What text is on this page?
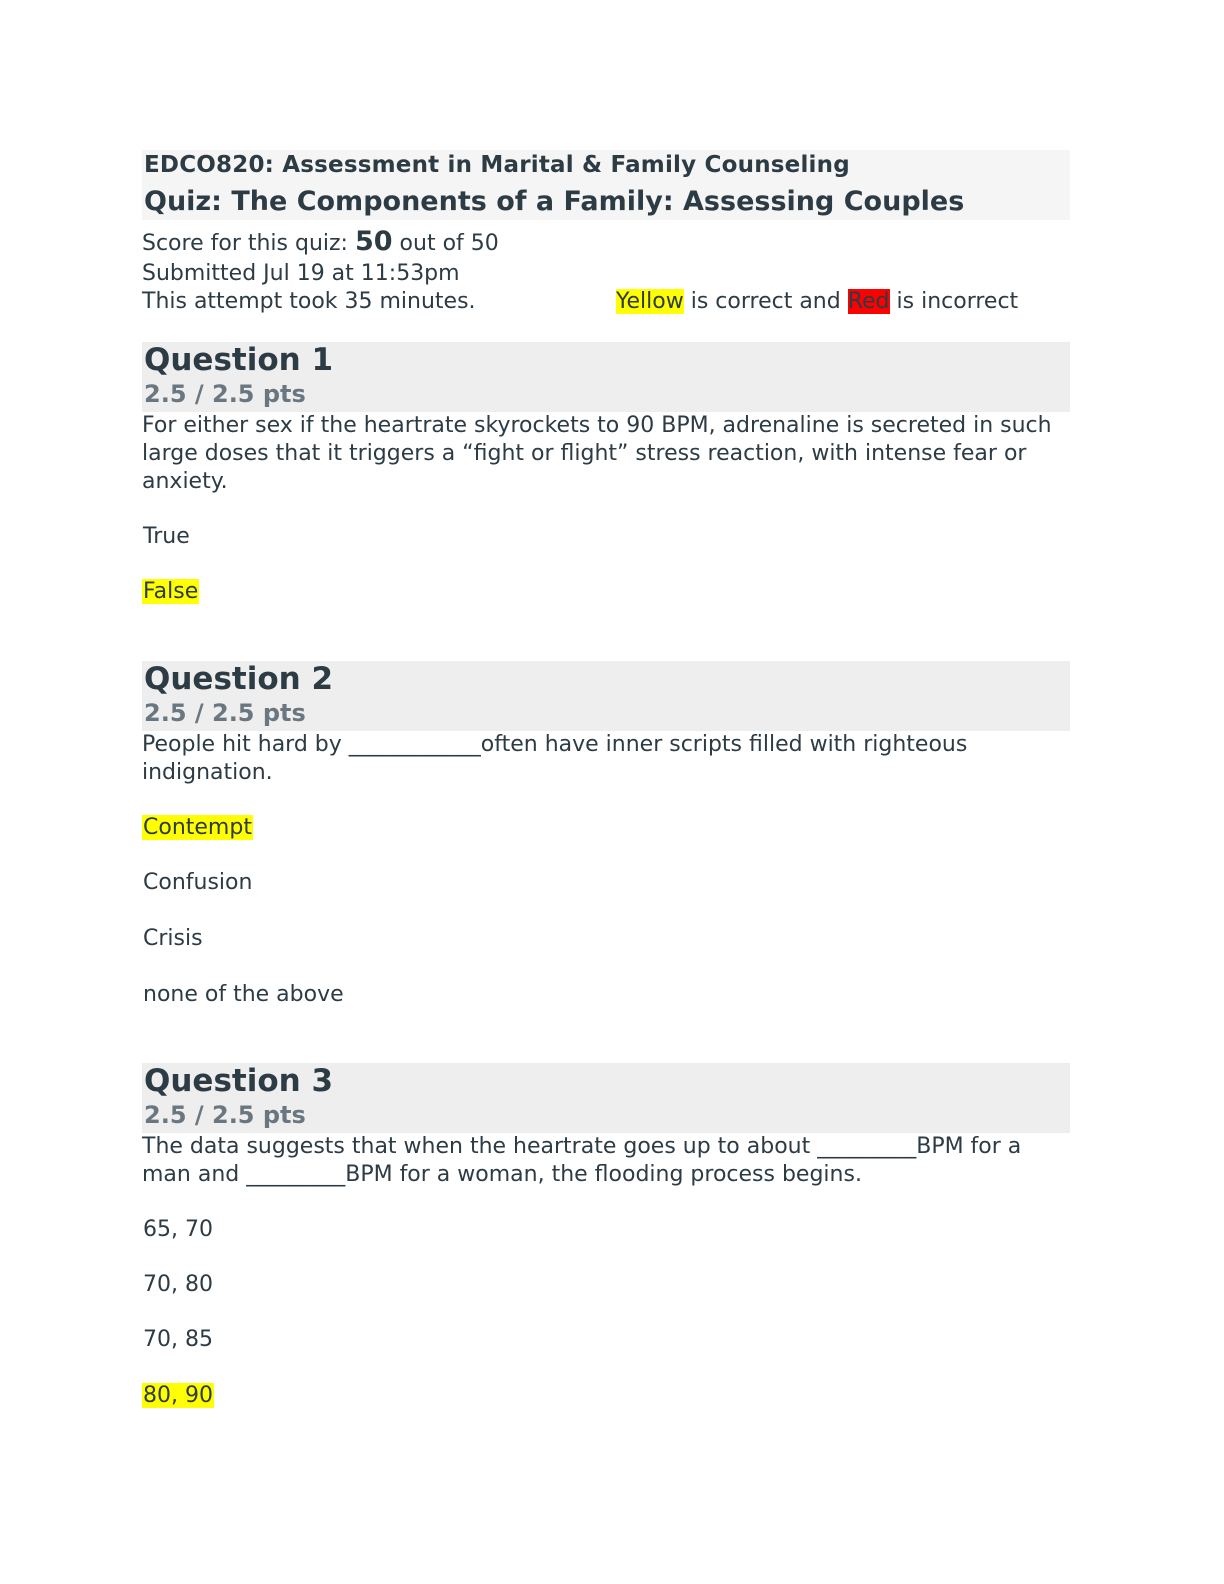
EDCO820: Assessment in Marital & Family Counseling
Quiz: The Components of a Family: Assessing Couples
Score for this quiz: 50 out of 50
Submitted Jul 19 at 11:53pm
This attempt took 35 minutes.	Yellow is correct and Red is incorrect
Question 1
2.5 / 2.5 pts

For either sex if the heartrate skyrockets to 90 BPM, adrenaline is secreted in such large doses that it triggers a “fight or flight” stress reaction, with intense fear or anxiety.

True
False
Question 2
2.5 / 2.5 pts

People hit hard by ____________often have inner scripts filled with righteous indignation.

Contempt
Confusion
Crisis
none of the above
Question 3
2.5 / 2.5 pts

The data suggests that when the heartrate goes up to about _________BPM for a man and _________BPM for a woman, the flooding process begins.

65, 70
70, 80
70, 85
80, 90
